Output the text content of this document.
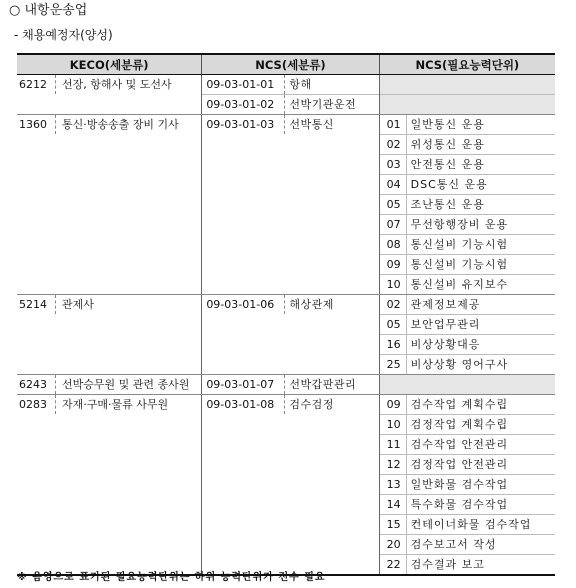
○ 내항운송업
- 채용예정자(양성)
KECO(세분류)	NCS(세분류)	NCS(필요능력단위)
6212	선장, 항해사 및 도선사	09-03-01-01	항해
09-03-01-02	선박기관운전
1360	통신·방송송출 장비 기사	09-03-01-03	선박통신	01 일반통신 운용
02 위성통신 운용
03 안전통신 운용
04 DSC통신 운용
05 조난통신 운용
07 무선항행장비 운용
08 통신설비 기능시험
09 통신설비 기능시험
10 통신설비 유지보수
5214	관제사	09-03-01-06	해상관제	02 관제정보제공
05 보안업무관리
16 비상상황대응
25 비상상황 영어구사
6243	선박승무원 및 관련 종사원	09-03-01-07	선박갑판관리
0283	자재·구매·물류 사무원	09-03-01-08	검수검정	09 검수작업 계획수립
10 검정작업 계획수립
11 검수작업 안전관리
12 검정작업 안전관리
13 일반화물 검수작업
14 특수화물 검수작업
15 컨테이너화물 검수작업
20 검수보고서 작성
22 검수결과 보고
※ 음영으로 표기된 필요능력단위는 하위 능력단위가 전수 필요
